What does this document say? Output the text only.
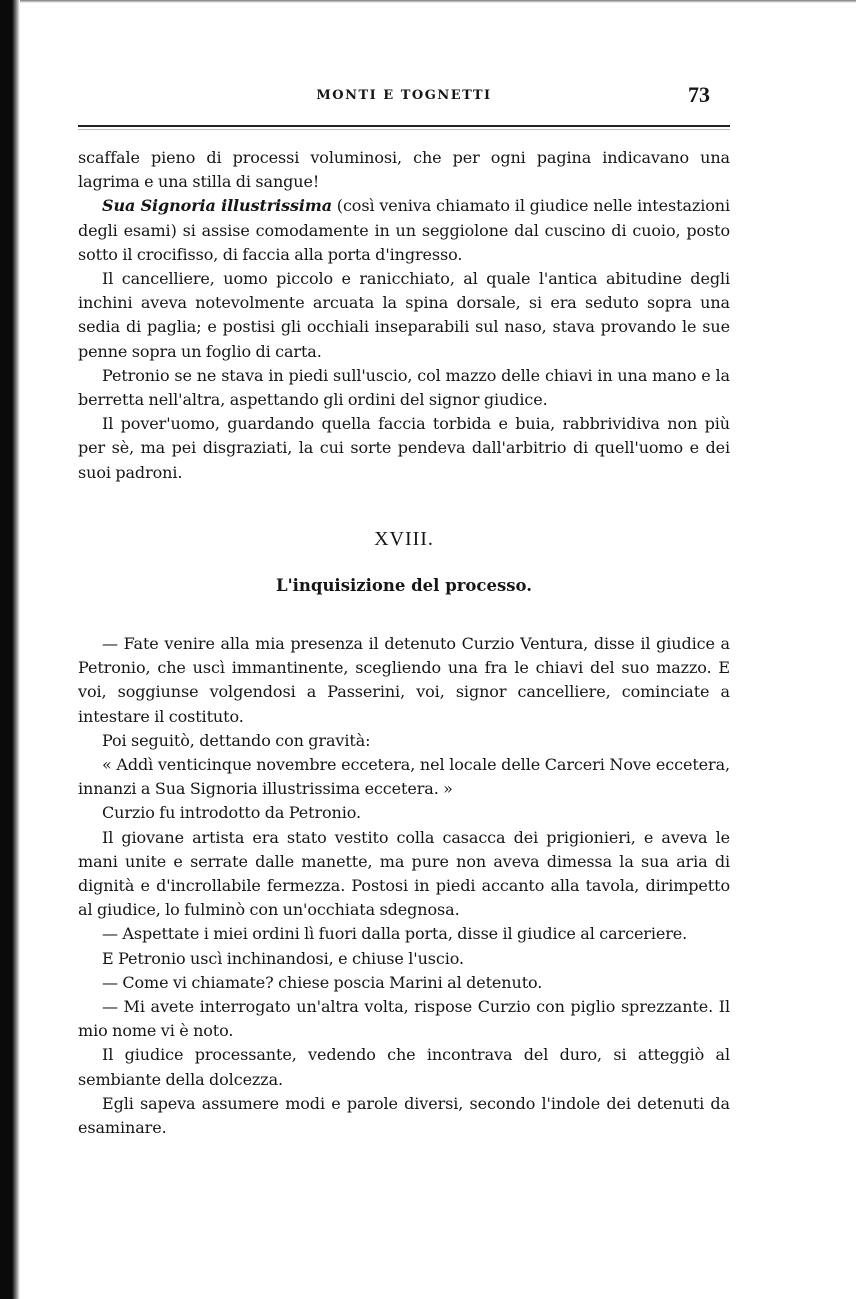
MONTI E TOGNETTI	73

scaffale pieno di processi voluminosi, che per ogni pagina indicavano una lagrima e una stilla di sangue!

Sua Signoria illustrissima (così veniva chiamato il giudice nelle intestazioni degli esami) si assise comodamente in un seggiolone dal cuscino di cuoio, posto sotto il crocifisso, di faccia alla porta d'ingresso.

Il cancelliere, uomo piccolo e ranicchiato, al quale l'antica abitudine degli inchini aveva notevolmente arcuata la spina dorsale, si era seduto sopra una sedia di paglia; e postisi gli occhiali inseparabili sul naso, stava provando le sue penne sopra un foglio di carta.

Petronio se ne stava in piedi sull'uscio, col mazzo delle chiavi in una mano e la berretta nell'altra, aspettando gli ordini del signor giudice.

Il pover'uomo, guardando quella faccia torbida e buia, rabbrividiva non più per sè, ma pei disgraziati, la cui sorte pendeva dall'arbitrio di quell'uomo e dei suoi padroni.

XVIII.
L'inquisizione del processo.

— Fate venire alla mia presenza il detenuto Curzio Ventura, disse il giudice a Petronio, che uscì immantinente, scegliendo una fra le chiavi del suo mazzo. E voi, soggiunse volgendosi a Passerini, voi, signor cancelliere, cominciate a intestare il costituto.

Poi seguitò, dettando con gravità:

« Addì venticinque novembre eccetera, nel locale delle Carceri Nove eccetera, innanzi a Sua Signoria illustrissima eccetera. »

Curzio fu introdotto da Petronio.

Il giovane artista era stato vestito colla casacca dei prigionieri, e aveva le mani unite e serrate dalle manette, ma pure non aveva dimessa la sua aria di dignità e d'incrollabile fermezza. Postosi in piedi accanto alla tavola, dirimpetto al giudice, lo fulminò con un'occhiata sdegnosa.

— Aspettate i miei ordini lì fuori dalla porta, disse il giudice al carceriere.

E Petronio uscì inchinandosi, e chiuse l'uscio.

— Come vi chiamate? chiese poscia Marini al detenuto.

— Mi avete interrogato un'altra volta, rispose Curzio con piglio sprezzante. Il mio nome vi è noto.

Il giudice processante, vedendo che incontrava del duro, si atteggiò al sembiante della dolcezza.

Egli sapeva assumere modi e parole diversi, secondo l'indole dei detenuti da esaminare.
